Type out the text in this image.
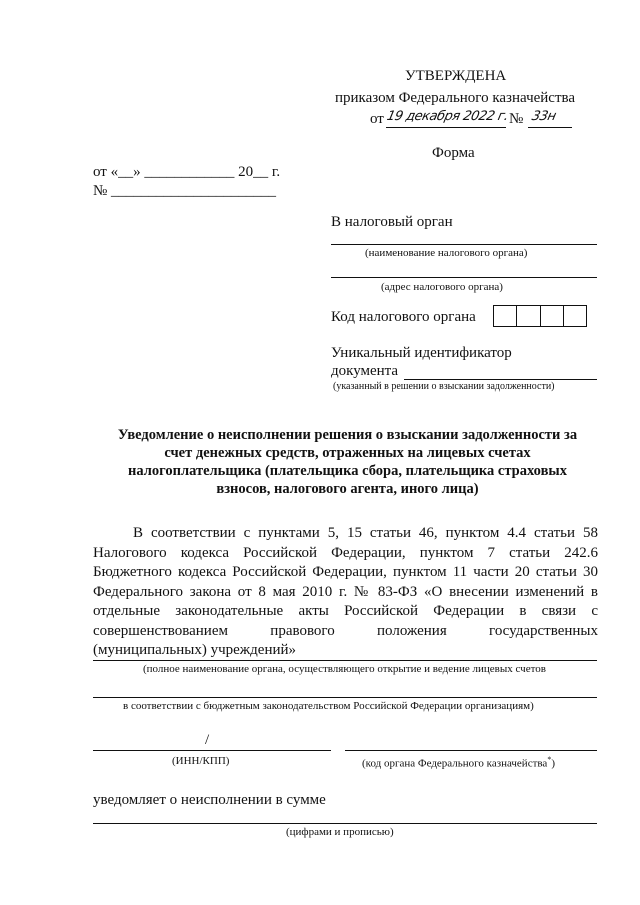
УТВЕРЖДЕНА
приказом Федерального казначейства
от 19 декабря 2022 г. № 33н
Форма
от «__» ____________ 20__ г.
№ ______________________
В налоговый орган
(наименование налогового органа)
(адрес налогового органа)
Код налогового органа
Уникальный идентификатор
документа
(указанный в решении о взыскании задолженности)
Уведомление о неисполнении решения о взыскании задолженности за
счет денежных средств, отраженных на лицевых счетах
налогоплательщика (плательщика сбора, плательщика страховых
взносов, налогового агента, иного лица)
В соответствии с пунктами 5, 15 статьи 46, пунктом 4.4 статьи 58
Налогового кодекса Российской Федерации, пунктом 7 статьи 242.6
Бюджетного кодекса Российской Федерации, пунктом 11 части 20 статьи 30
Федерального закона от 8 мая 2010 г. № 83-ФЗ «О внесении изменений в
отдельные законодательные акты Российской Федерации в связи с
совершенствованием правового положения государственных
(муниципальных) учреждений»
(полное наименование органа, осуществляющего открытие и ведение лицевых счетов
в соответствии с бюджетным законодательством Российской Федерации организациям)
/
(ИНН/КПП)	(код органа Федерального казначейства*)
уведомляет о неисполнении в сумме
(цифрами и прописью)
